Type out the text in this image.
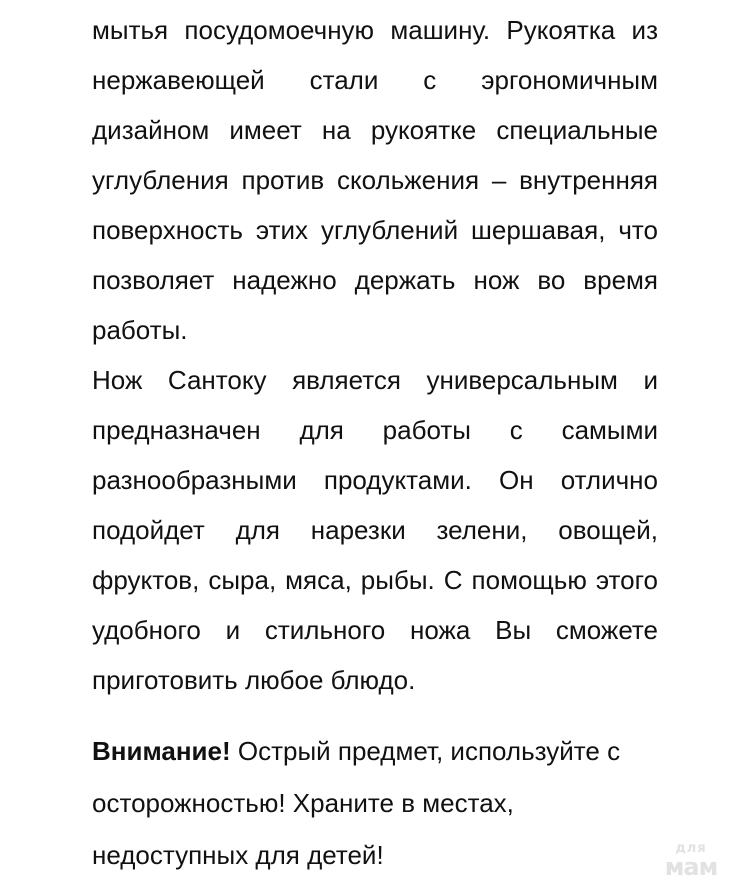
мытья посудомоечную машину. Рукоятка из нержавеющей стали с эргономичным дизайном имеет на рукоятке специальные углубления против скольжения – внутренняя поверхность этих углублений шершавая, что позволяет надежно держать нож во время работы.

Нож Сантоку является универсальным и предназначен для работы с самыми разнообразными продуктами. Он отлично подойдет для нарезки зелени, овощей, фруктов, сыра, мяса, рыбы. С помощью этого удобного и стильного ножа Вы сможете приготовить любое блюдо.

Внимание! Острый предмет, используйте с осторожностью! Храните в местах, недоступных для детей!	для
мам
